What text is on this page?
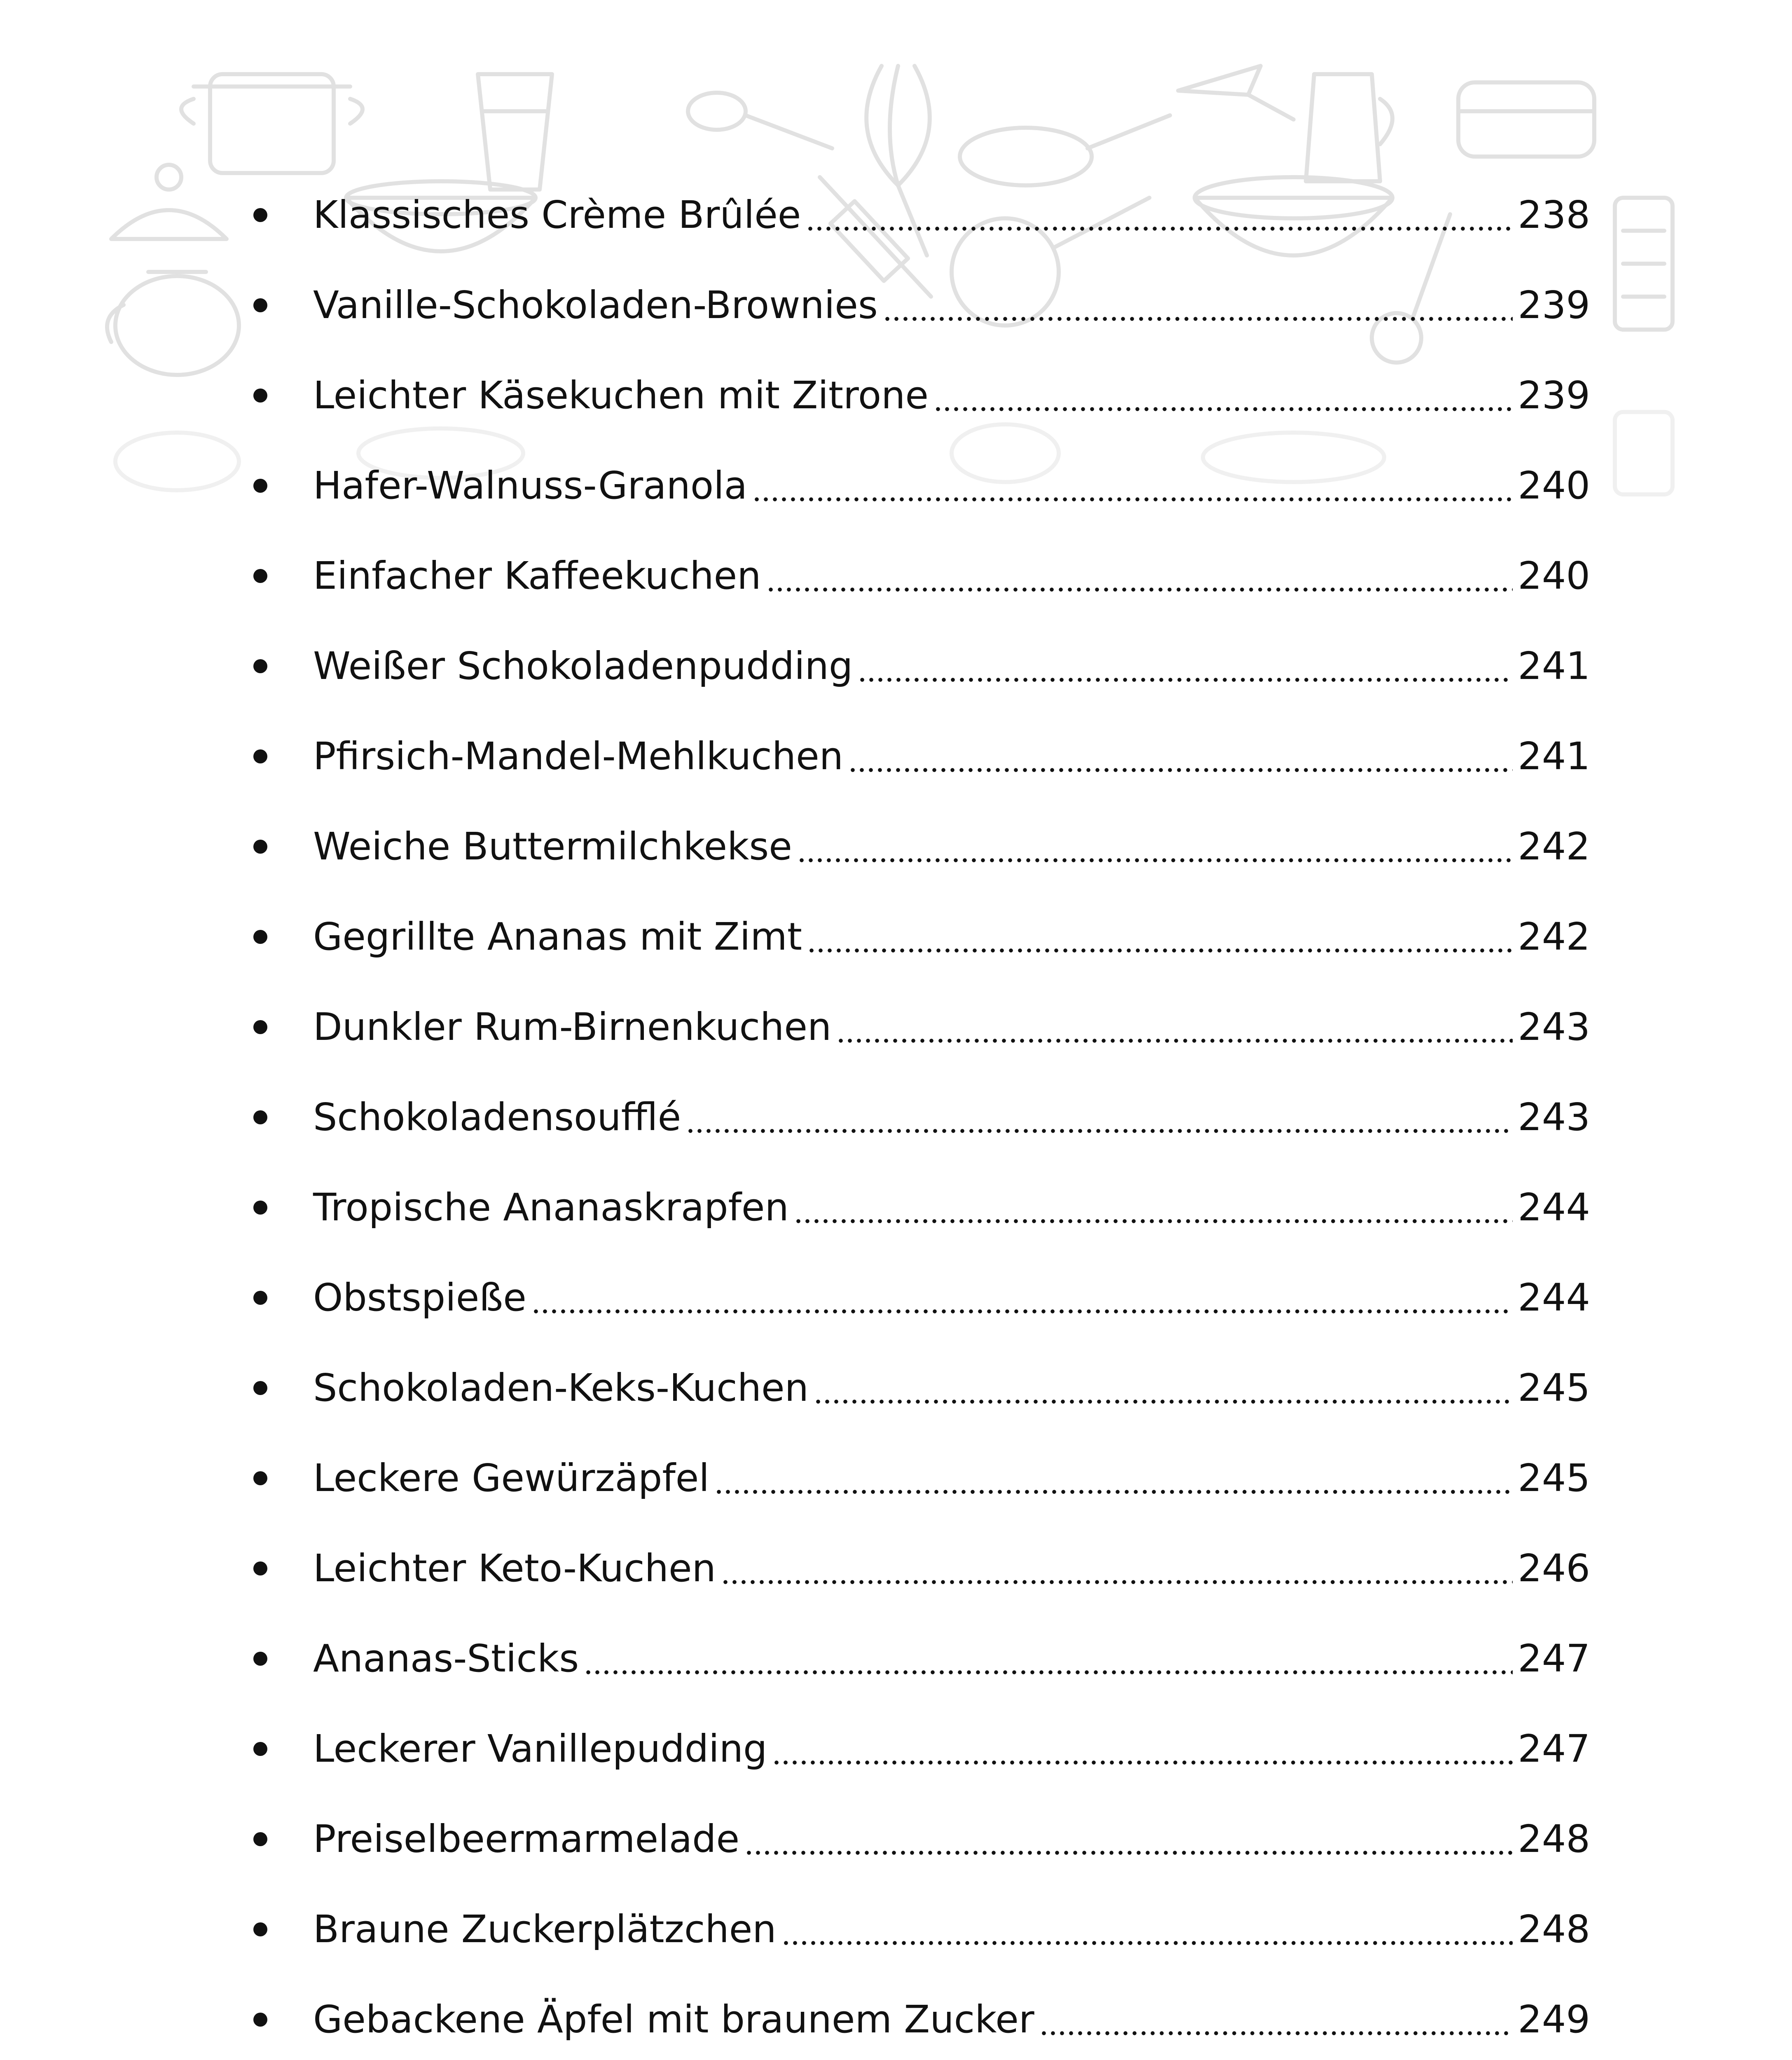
Klassisches Crème Brûlée	238
Vanille-Schokoladen-Brownies	239
Leichter Käsekuchen mit Zitrone	239
Hafer-Walnuss-Granola	240
Einfacher Kaffeekuchen	240
Weißer Schokoladenpudding	241
Pfirsich-Mandel-Mehlkuchen	241
Weiche Buttermilchkekse	242
Gegrillte Ananas mit Zimt	242
Dunkler Rum-Birnenkuchen	243
Schokoladensoufflé	243
Tropische Ananaskrapfen	244
Obstspieße	244
Schokoladen-Keks-Kuchen	245
Leckere Gewürzäpfel	245
Leichter Keto-Kuchen	246
Ananas-Sticks	247
Leckerer Vanillepudding	247
Preiselbeermarmelade	248
Braune Zuckerplätzchen	248
Gebackene Äpfel mit braunem Zucker	249
